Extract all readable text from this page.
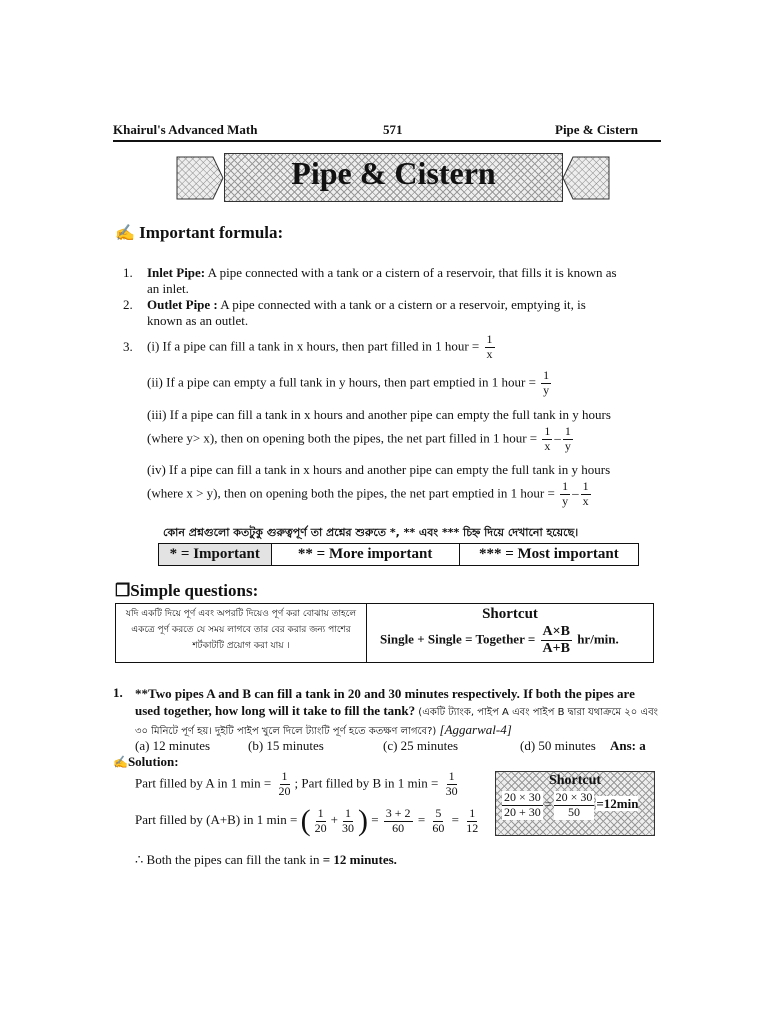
Khairul's Advanced Math	571	Pipe & Cistern
Pipe & Cistern
✍ Important formula:
1. Inlet Pipe: A pipe connected with a tank or a cistern of a reservoir, that fills it is known as
an inlet.
2. Outlet Pipe : A pipe connected with a tank or a cistern or a reservoir, emptying it, is
known as an outlet.
3. (i) If a pipe can fill a tank in x hours, then part filled in 1 hour = $\frac{1}{x}$
(ii) If a pipe can empty a full tank in y hours, then part emptied in 1 hour = $\frac{1}{y}$
(iii) If a pipe can fill a tank in x hours and another pipe can empty the full tank in y hours
(where y> x), then on opening both the pipes, the net part filled in 1 hour = $\frac{1}{x} - \frac{1}{y}$
(iv) If a pipe can fill a tank in x hours and another pipe can empty the full tank in y hours
(where x > y), then on opening both the pipes, the net part emptied in 1 hour = $\frac{1}{y} - \frac{1}{x}$
কোন প্রশ্নগুলো কতটুকু গুরুত্বপূর্ণ তা প্রশ্নের শুরুতে *, ** এবং *** চিহ্ন দিয়ে দেখানো হয়েছে।
* = Important	** = More important	*** = Most important
❒Simple questions:
যদি একটি দিয়ে পূর্ণ এবং অপরটি দিয়েও পূর্ণ করা বোঝায় তাহলে একত্রে পূর্ণ করতে যে সময় লাগবে তার বের করার জন্য পাশের শর্টকাটটি প্রয়োগ করা যায় ।
Shortcut
Single + Single = Together = $\frac{A\times B}{A+B} hr/\min$.
1. **Two pipes A and B can fill a tank in 20 and 30 minutes respectively. If both the pipes are used together, how long will it take to fill the tank? (একটি ট্যাংক, পাইপ A এবং পাইপ B দ্বারা যথাক্রমে ২০ এবং ৩০ মিনিটে পূর্ণ হয়। দুইটি পাইপ খুলে দিলে ট্যাংটি পূর্ণ হতে কতক্ষণ লাগবে?) [Aggarwal-4]
(a) 12 minutes	(b) 15 minutes	(c) 25 minutes	(d) 50 minutes Ans: a
✍Solution:
Part filled by A in 1 $\min = \frac{1}{20}$ ; Part filled by B in 1 $\min = \frac{1}{30}$
Part filled by (A+B) in 1 min = ( $\frac{1}{20} + \frac{1}{30}$ ) = $\frac{3 + 2}{60} = \frac{5}{60} = \frac{1}{12}$
∴ Both the pipes can fill the tank in = 12 minutes.
Shortcut
$\frac{20 \times 30}{20 + 30} = \frac{20 \times 30}{50} =12\min$
